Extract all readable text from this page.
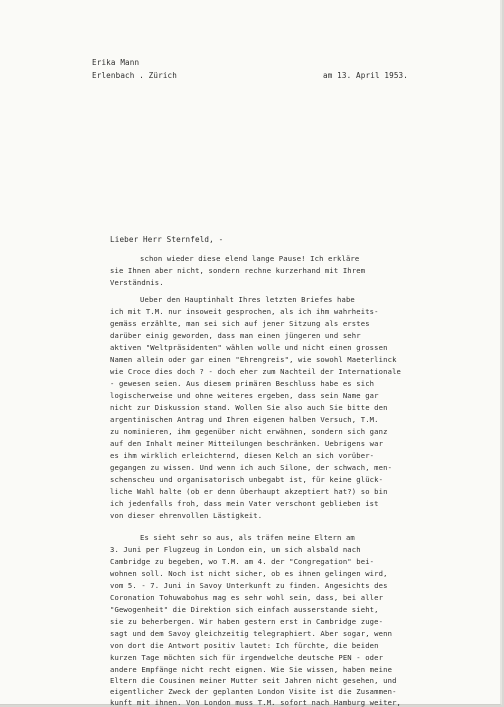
Erika Mann
Erlenbach . Zürich	am 13. April 1953.
Lieber Herr Sternfeld, -
schon wieder diese elend lange Pause! Ich erkläre
sie Ihnen aber nicht, sondern rechne kurzerhand mit Ihrem
Verständnis.
Ueber den Hauptinhalt Ihres letzten Briefes habe
ich mit T.M. nur insoweit gesprochen, als ich ihm wahrheits-
gemäss erzählte, man sei sich auf jener Sitzung als erstes
darüber einig geworden, dass man einen jüngeren und sehr
aktiven "Weltpräsidenten" wählen wolle und nicht einen grossen
Namen allein oder gar einen "Ehrengreis", wie sowohl Maeterlinck
wie Croce dies doch ? - doch eher zum Nachteil der Internationale
- gewesen seien. Aus diesem primären Beschluss habe es sich
logischerweise und ohne weiteres ergeben, dass sein Name gar
nicht zur Diskussion stand. Wollen Sie also auch Sie bitte den
argentinischen Antrag und Ihren eigenen halben Versuch, T.M.
zu nominieren, ihm gegenüber nicht erwähnen, sondern sich ganz
auf den Inhalt meiner Mitteilungen beschränken. Uebrigens war
es ihm wirklich erleichternd, diesen Kelch an sich vorüber-
gegangen zu wissen. Und wenn ich auch Silone, der schwach, men-
schenscheu und organisatorisch unbegabt ist, für keine glück-
liche Wahl halte (ob er denn überhaupt akzeptiert hat?) so bin
ich jedenfalls froh, dass mein Vater verschont geblieben ist
von dieser ehrenvollen Lästigkeit.
Es sieht sehr so aus, als träfen meine Eltern am
3. Juni per Flugzeug in London ein, um sich alsbald nach
Cambridge zu begeben, wo T.M. am 4. der "Congregation" bei-
wohnen soll. Noch ist nicht sicher, ob es ihnen gelingen wird,
vom 5. - 7. Juni in Savoy Unterkunft zu finden. Angesichts des
Coronation Tohuwabohus mag es sehr wohl sein, dass, bei aller
"Gewogenheit" die Direktion sich einfach ausserstande sieht,
sie zu beherbergen. Wir haben gestern erst in Cambridge zuge-
sagt und dem Savoy gleichzeitig telegraphiert. Aber sogar, wenn
von dort die Antwort positiv lautet: Ich fürchte, die beiden
kurzen Tage möchten sich für irgendwelche deutsche PEN - oder
andere Empfänge nicht recht eignen. Wie Sie wissen, haben meine
Eltern die Cousinen meiner Mutter seit Jahren nicht gesehen, und
eigentlicher Zweck der geplanten London Visite ist die Zusammen-
kunft mit ihnen. Von London muss T.M. sofort nach Hamburg weiter,
